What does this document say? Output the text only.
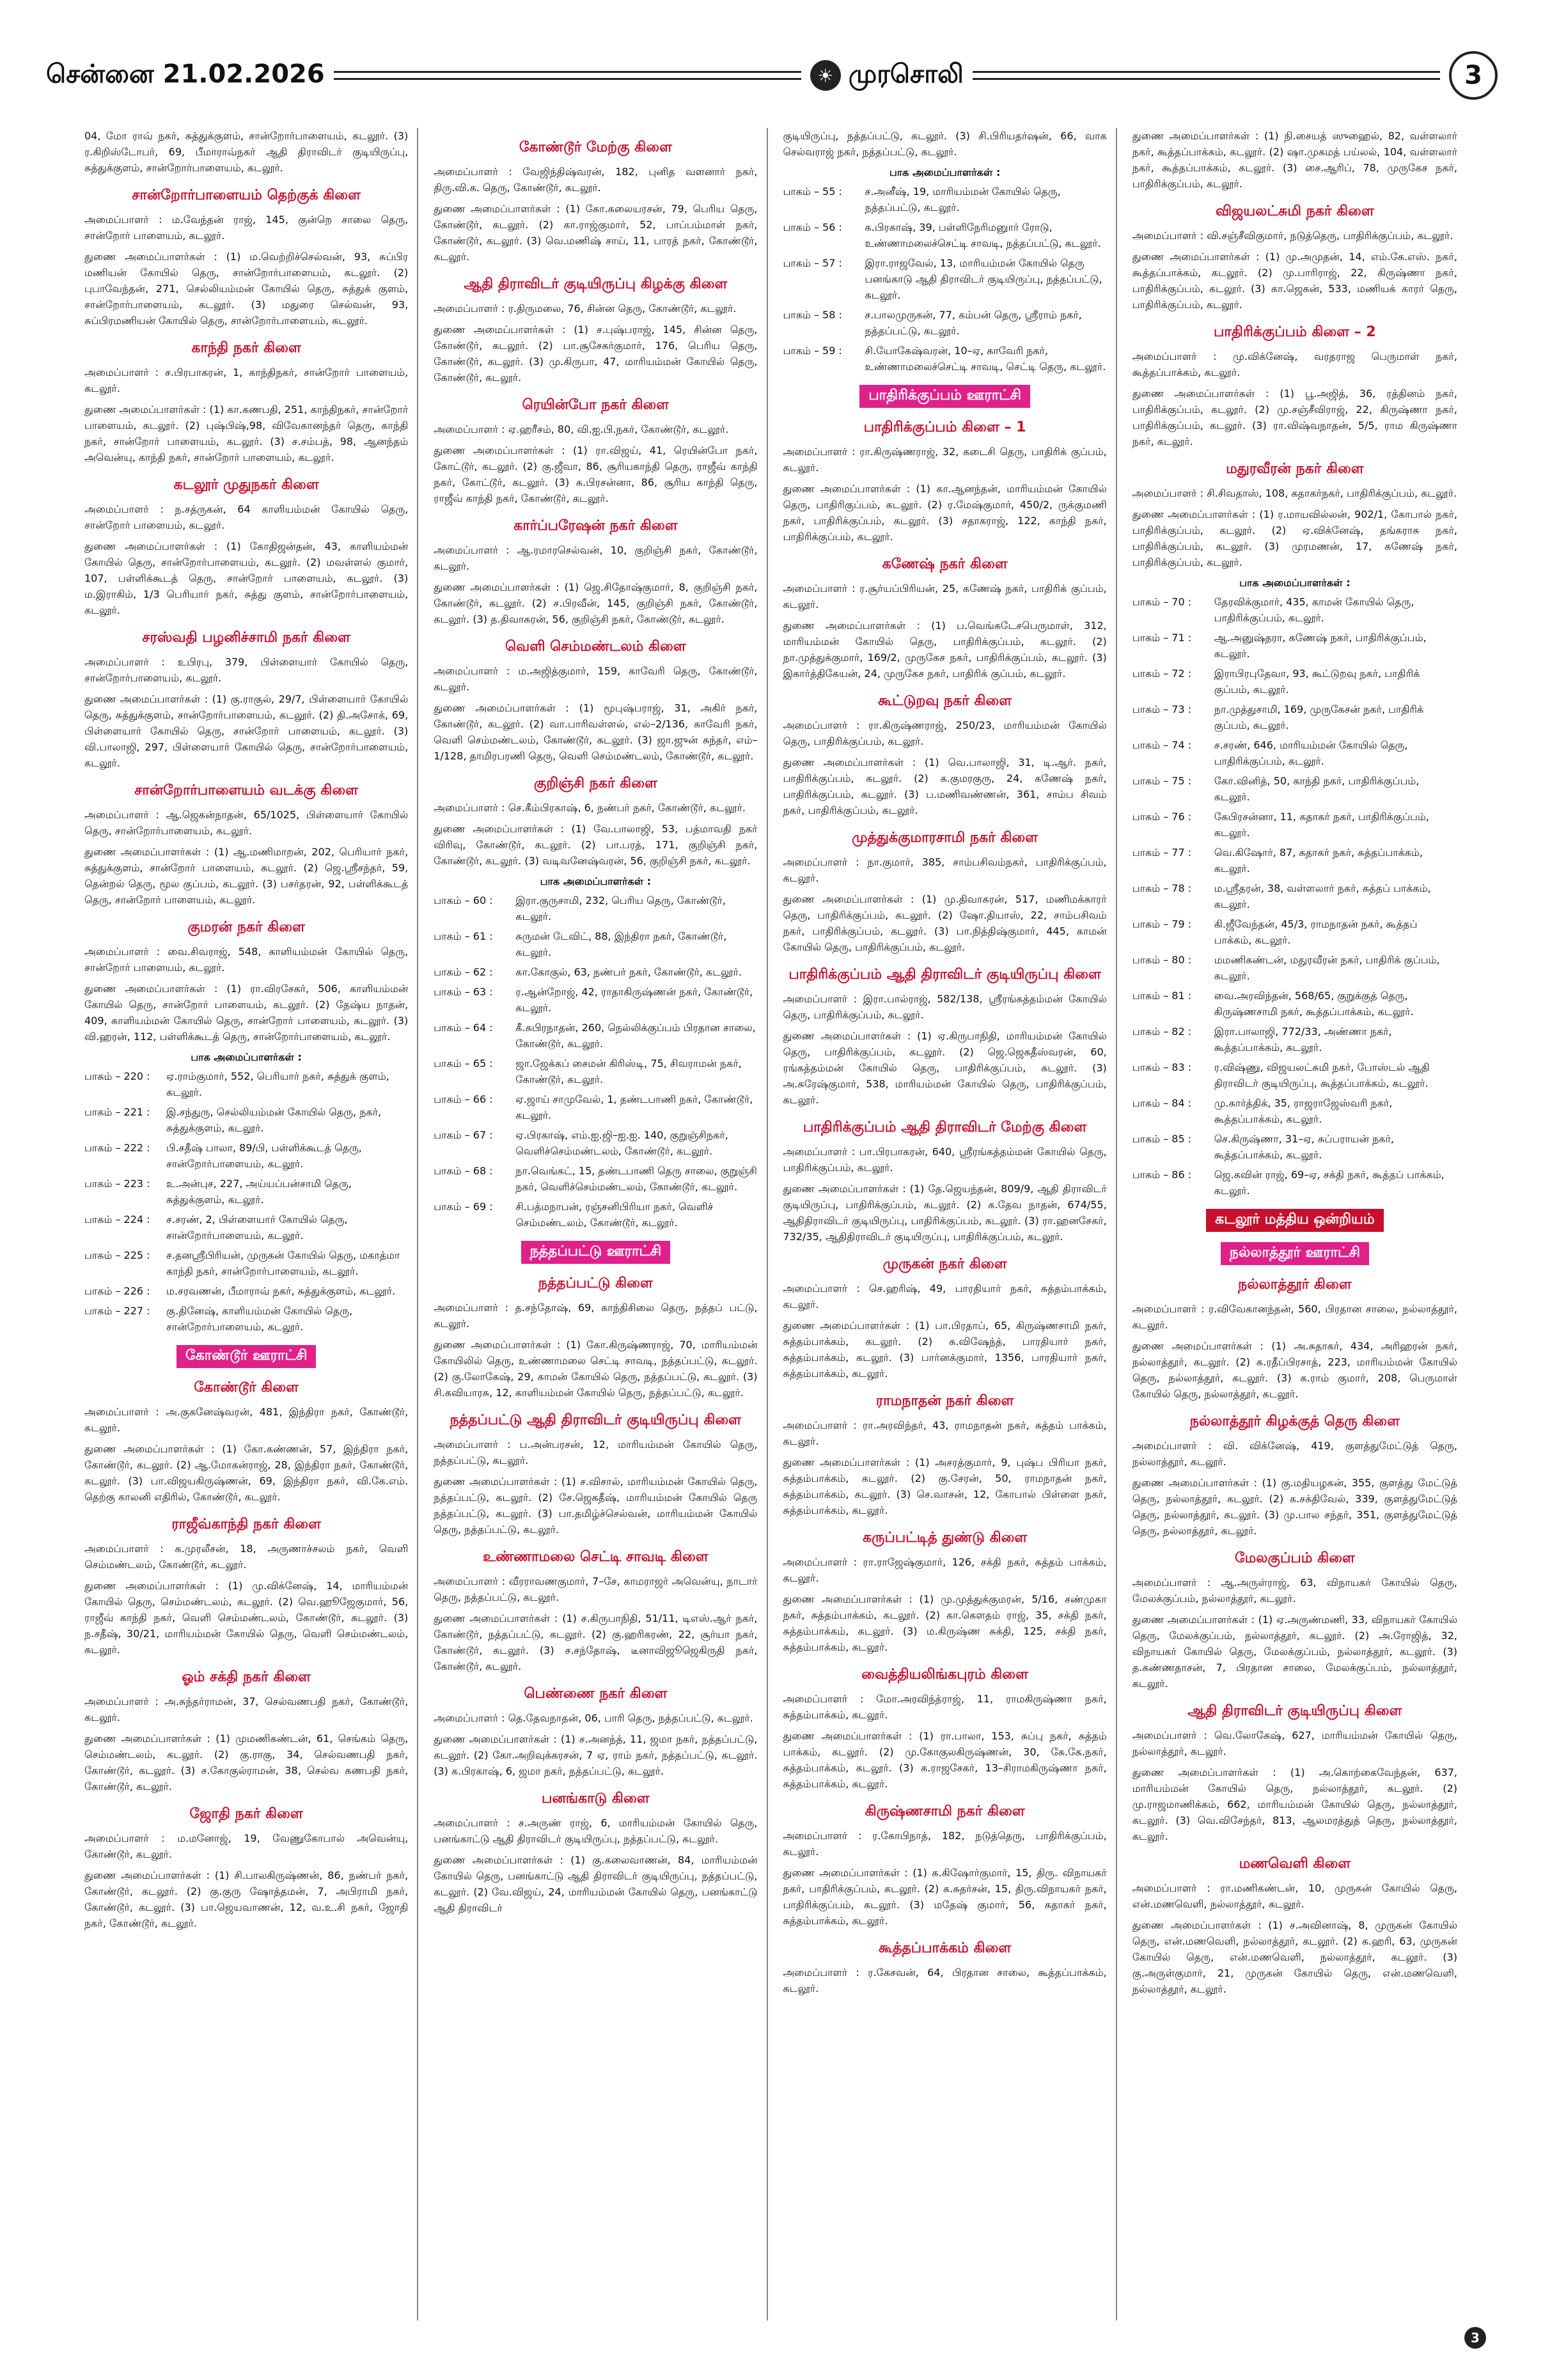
சென்னை 21.02.2026	☀ முரசொலி	3

04, மோ ராவ் நகர், சுத்துக்குளம், சான்றோர்பாளையம், கடலூர். (3) ர.கிறிஸ்டோபர், 69, பீமாராவ்நகர் ஆதி திராவிடர் குடியிருப்பு, சுத்துக்குளம், சான்றோர்பாளையம், கடலூர்.

சான்றோர்பாளையம் தெற்குக் கிளை

அமைப்பாளர் : ம.வேந்தன் ராஜ், 145, குன்றெ சாலை தெரு, சான்றோர் பாளையம், கடலூர்.

துணை அமைப்பாளர்கள் : (1) ம.வெற்றிச்செல்வன், 93, சுப்பிர மணியன் கோயில் தெரு, சான்றோர்பாளையம், கடலூர். (2) புபாவேந்தன், 271, செல்லியம்மன் கோயில் தெரு, சுத்துக் குளம், சான்றோர்பாளையம், கடலூர். (3) மதுரை செல்வன், 93, சுப்பிரமணியன் கோயில் தெரு, சான்றோர்பாளையம், கடலூர்.

காந்தி நகர் கிளை

அமைப்பாளர் : ச.பிரபாகரன், 1, காந்திநகர், சான்றோர் பாளையம், கடலூர்.

துணை அமைப்பாளர்கள் : (1) கா.கணபதி, 251, காந்திநகர், சான்றோர் பாளையம், கடலூர். (2) புஷ்பிஷ்,98, விவேகானந்தர் தெரு, காந்தி நகர், சான்றோர் பாளையம், கடலூர். (3) ச.சம்பத், 98, ஆனந்தம் அவென்யு, காந்தி நகர், சான்றோர் பாளையம், கடலூர்.

கடலூர் முதுநகர் கிளை

அமைப்பாளர் : ந.சத்ருகன், 64 காளியம்மன் கோயில் தெரு, சான்றோர் பாளையம், கடலூர்.

துணை அமைப்பாளர்கள் : (1) கோதிஜன்தன், 43, காளியம்மன் கோயில் தெரு, சான்றோர்பாளையம், கடலூர். (2) மவள்ளல் குமார், 107, பள்ளிக்கூடத் தெரு, சான்றோர் பாளையம், கடலூர். (3) ம.இராகிம், 1/3 பெரியார் நகர், சுத்து குளம், சான்றோர்பாளையம், கடலூர்.

சரஸ்வதி பழனிச்சாமி நகர் கிளை

அமைப்பாளர் : உபிரபு, 379, பிள்ளையார் கோயில் தெரு, சான்றோர்பாளையம், கடலூர்.

துணை அமைப்பாளர்கள் : (1) கு.ராகுல், 29/7, பிள்ளையார் கோயில் தெரு, சுத்துக்குளம், சான்றோர்பாளையம், கடலூர். (2) தி.அசோக், 69, பிள்ளையார் கோயில் தெரு, சான்றோர் பாளையம், கடலூர். (3) வி.பாலாஜி, 297, பிள்ளையார் கோயில் தெரு, சான்றோர்பாளையம், கடலூர்.

சான்றோர்பாளையம் வடக்கு கிளை

அமைப்பாளர் : ஆ.ஜெகன்நாதன், 65/1025, பிள்ளையார் கோயில் தெரு, சான்றோர்பாளையம், கடலூர்.

துணை அமைப்பாளர்கள் : (1) ஆ.மணிமாறன், 202, பெரியார் நகர், சுத்துக்குளம், சான்றோர் பாளையம், கடலூர். (2) ஜெ.ஸ்ரீசந்தர், 59, தென்றல் தெரு, மூல குப்பம், கடலூர். (3) பசர்தரன், 92, பள்ளிக்கூடத் தெரு, சான்றோர் பாளையம், கடலூர்.

குமரன் நகர் கிளை

அமைப்பாளர் : வை.சிவராஜ், 548, காளியம்மன் கோயில் தெரு, சான்றோர் பாளையம், கடலூர்.

துணை அமைப்பாளர்கள் : (1) ரா.விரசேகர், 506, காளியம்மன் கோயில் தெரு, சான்றோர் பாளையம், கடலூர். (2) தேஷ்ய நாதன், 409, காளியம்மன் கோயில் தெரு, சான்றோர் பாளையம், கடலூர். (3) வி.ஹரன், 112, பள்ளிக்கூடத் தெரு, சான்றோர்பாளையம், கடலூர்.

பாக அமைப்பாளர்கள் :
பாகம் – 220 :	ஏ.ராம்குமார், 552, பெரியார் நகர், சுத்துக் குளம், கடலூர்.
பாகம் – 221 :	இ.சந்துரு, செல்லியம்மன் கோயில் தெரு, நகர், சுத்துக்குளம், கடலூர்.
பாகம் – 222 :	பி.சதீஷ் பாலா, 89/பி, பள்ளிக்கூடத் தெரு, சான்றோர்பாளையம், கடலூர்.
பாகம் – 223 :	உ.அன்புச, 227, அய்யப்பன்சாமி தெரு, சுத்துக்குளம், கடலூர்.
பாகம் – 224 :	ச.சரண், 2, பிள்ளையார் கோயில் தெரு, சான்றோர்பாளையம், கடலூர்.
பாகம் – 225 :	ச.தனஸ்ரீபிரியன், முருகன் கோயில் தெரு, மகாத்மா காந்தி நகர், சான்றோர்பாளையம், கடலூர்.
பாகம் – 226 :	ம.சரவணன், பீமாராவ் நகர், சுத்துக்குளம், கடலூர்.
பாகம் – 227 :	கு.தினேஷ், காளியம்மன் கோயில் தெரு, சான்றோர்பாளையம், கடலூர்.
கோண்டூர் ஊராட்சி
கோண்டூர் கிளை

அமைப்பாளர் : அ.குகனேஷ்வரன், 481, இந்திரா நகர், கோண்டூர், கடலூர்.

துணை அமைப்பாளர்கள் : (1) கோ.கண்ணன், 57, இந்திரா நகர், கோண்டூர், கடலூர். (2) ஆ.மோகன்ராஜ், 28, இந்திரா நகர், கோண்டூர், கடலூர். (3) பா.விஜயகிருஷ்ணன், 69, இந்திரா நகர், வி.கே.எம். தெற்கு காலனி எதிரில், கோண்டூர், கடலூர்.

ராஜீவ்காந்தி நகர் கிளை

அமைப்பாளர் : க.முரலீசன், 18, அருணாச்சலம் நகர், வெளி செம்மண்டலம், கோண்டூர், கடலூர்.

துணை அமைப்பாளர்கள் : (1) மு.விக்னேஷ், 14, மாரியம்மன் கோயில் தெரு, செம்மண்டலம், கடலூர். (2) வெ.ஹூஜேகுமார், 56, ராஜீவ் காந்தி நகர், வெளி செம்மண்டலம், கோண்டூர், கடலூர். (3) ந.சதீஷ், 30/21, மாரியம்மன் கோயில் தெரு, வெளி செம்மண்டலம், கடலூர்.

ஓம் சக்தி நகர் கிளை

அமைப்பாளர் : அ.சுந்தர்ராமன், 37, செல்வணபதி நகர், கோண்டூர், கடலூர்.

துணை அமைப்பாளர்கள் : (1) முமணிகண்டன், 61, செங்கம் தெரு, செம்மண்டலம், கடலூர். (2) கு.ராகு, 34, செல்வணபதி நகர், கோண்டூர், கடலூர். (3) ச.கோகுல்ராமன், 38, செல்வ கணபதி நகர், கோண்டூர், கடலூர்.

ஜோதி நகர் கிளை

அமைப்பாளர் : ம.மனோஜ், 19, வேணுகோபால் அவென்யு, கோண்டூர், கடலூர்.

துணை அமைப்பாளர்கள் : (1) சி.பாலகிருஷ்ணன், 86, நண்பர் நகர், கோண்டூர், கடலூர். (2) கு.குரு ஷோத்தமன், 7, அபிராமி நகர், கோண்டூர், கடலூர். (3) பா.ஜெயவாணன், 12, வ.உ.சி நகர், ஜோதி நகர், கோண்டூர், கடலூர்.

கோண்டூர் மேற்கு கிளை

அமைப்பாளர் : வேஜிந்திஷ்வரன், 182, புனித வளனார் நகர், திரு.வி.க. தெரு, கோண்டூர், கடலூர்.

துணை அமைப்பாளர்கள் : (1) கோ.கலையரசன், 79, பெரிய தெரு, கோண்டூர், கடலூர். (2) கா.ராஜ்குமார், 52, பாப்பம்மாள் நகர், கோண்டூர், கடலூர். (3) வெ.மணிஷ் சாய், 11, பாரத் நகர், கோண்டூர், கடலூர்.

ஆதி திராவிடர் குடியிருப்பு கிழக்கு கிளை

அமைப்பாளர் : ர.திருமலை, 76, சின்ன தெரு, கோண்டூர், கடலூர்.

துணை அமைப்பாளர்கள் : (1) ச.புஷ்பராஜ், 145, சின்ன தெரு, கோண்டூர், கடலூர். (2) பா.சூசேகர்குமார், 176, பெரிய தெரு, கோண்டூர், கடலூர். (3) மு.கிருபா, 47, மாரியம்மன் கோயில் தெரு, கோண்டூர், கடலூர்.

ரெயின்போ நகர் கிளை

அமைப்பாளர் : ஏ.ஹரீசம், 80, வி.ஐ.பி.நகர், கோண்டூர், கடலூர்.

துணை அமைப்பாளர்கள் : (1) ரா.விஜய், 41, ரெயின்போ நகர், கோட்டூர், கடலூர். (2) கு.ஜீவா, 86, சூரியகாந்தி தெரு, ராஜீவ் காந்தி நகர், கோட்டூர், கடலூர். (3) சு.பிரசன்னா, 86, சூரிய காந்தி தெரு, ராஜீவ் காந்தி நகர், கோண்டூர், கடலூர்.

கார்ப்பரேஷன் நகர் கிளை

அமைப்பாளர் : ஆ.ரமாரசெல்வன், 10, குறிஞ்சி நகர், கோண்டூர், கடலூர்.

துணை அமைப்பாளர்கள் : (1) ஜெ.சிதோஷ்குமார், 8, குறிஞ்சி நகர், கோண்டூர், கடலூர். (2) ச.பிரவீன், 145, குறிஞ்சி நகர், கோண்டூர், கடலூர். (3) த.திவாகரன், 56, குறிஞ்சி நகர், கோண்டூர், கடலூர்.

வெளி செம்மண்டலம் கிளை

அமைப்பாளர் : ம.அஜித்குமார், 159, காவேரி தெரு, கோண்டூர், கடலூர்.

துணை அமைப்பாளர்கள் : (1) மூபுஷ்பராஜ், 31, அகிர் நகர், கோண்டூர், கடலூர். (2) வா.பாரிவள்ளல், எல்–2/136, காவேரி நகர், வெளி செம்மண்டலம், கோண்டூர், கடலூர். (3) ஜா.ஜுன் சுந்தர், எம்–1/128, தாமிரபரணி தெரு, வெளி செம்மண்டலம், கோண்டூர், கடலூர்.

குறிஞ்சி நகர் கிளை

அமைப்பாளர் : செ.கீம்பிரகாஷ், 6, நண்பர் நகர், கோண்டூர், கடலூர்.

துணை அமைப்பாளர்கள் : (1) வே.பாலாஜி, 53, பத்மாவதி நகர் விரிவு, கோண்டூர், கடலூர். (2) பா.பரத், 171, குறிஞ்சி நகர், கோண்டூர், கடலூர். (3) வடிவனேஷ்வரன், 56, குறிஞ்சி நகர், கடலூர்.

பாக அமைப்பாளர்கள் :
பாகம் – 60 :	இரா.குருசாமி, 232, பெரிய தெரு, கோண்டூர், கடலூர்.
பாகம் – 61 :	சுருமன் டேவிட், 88, இந்திரா நகர், கோண்டூர், கடலூர்.
பாகம் – 62 :	கா.கோகுல், 63, நண்பர் நகர், கோண்டூர், கடலூர்.
பாகம் – 63 :	ர.ஆன்றோஜ், 42, ராதாகிருஷ்ணன் நகர், கோண்டூர், கடலூர்.
பாகம் – 64 :	கீ.சுபிரநாதன், 260, நெல்லிக்குப்பம் பிரதான சாலை, கோண்டூர், கடலூர்.
பாகம் – 65 :	ஜா.ஜேக்கப் சைமன் கிரிஸ்டி, 75, சிவராமன் நகர், கோண்டூர், கடலூர்.
பாகம் – 66 :	ஏ.ஜாய் சாமுவேல், 1, தண்டபாணி நகர், கோண்டூர், கடலூர்.
பாகம் – 67 :	ஏ.பிரகாஷ், எம்.ஐ.ஜி–ஐ.ஐ. 140, குறுஞ்சிநகர், வெளிச்செம்மண்டலம், கோண்டூர், கடலூர்.
பாகம் – 68 :	நா.வெங்கட், 15, தண்டபாணி தெரு சாலை, குறுஞ்சி நகர், வெளிச்செம்மண்டலம், கோண்டூர், கடலூர்.
பாகம் – 69 :	சி.பத்மநாபன், ரஞ்சனிபிரியா நகர், வெளிச் செம்மண்டலம், கோண்டூர், கடலூர்.
நத்தப்பட்டு ஊராட்சி
நத்தப்பட்டு கிளை

அமைப்பாளர் : த.சந்தோஷ், 69, காந்திசிலை தெரு, நத்தப் பட்டு, கடலூர்.

துணை அமைப்பாளர்கள் : (1) கோ.கிருஷ்ணராஜ், 70, மாரியம்மன் கோயிலில் தெரு, உண்ணாமலை செட்டி சாவடி, நத்தப்பட்டு, கடலூர். (2) கு.லோகேஷ், 29, காமன் கோயில் தெரு, நத்தப்பட்டு, கடலூர். (3) சி.கவியாரசு, 12, காளியம்மன் கோயில் தெரு, நத்தப்பட்டு, கடலூர்.

நத்தப்பட்டு ஆதி திராவிடர் குடியிருப்பு கிளை

அமைப்பாளர் : ப.அன்பரசன், 12, மாரியம்மன் கோயில் தெரு, நத்தப்பட்டு, கடலூர்.

துணை அமைப்பாளர்கள் : (1) ச.விசால், மாரியம்மன் கோயில் தெரு, நத்தப்பட்டு, கடலூர். (2) சே.ஜெகதீஷ், மாரியம்மன் கோயில் தெரு நத்தப்பட்டு, கடலூர். (3) பா.தமிழ்ச்செல்வன், மாரியம்மன் கோயில் தெரு, நத்தப்பட்டு, கடலூர்.

உண்ணாமலை செட்டி சாவடி கிளை

அமைப்பாளர் : வீரராவணகுமார், 7–சே, காமராஜர் அவென்யு, நாடார் தெரு, நத்தப்பட்டு, கடலூர்.

துணை அமைப்பாளர்கள் : (1) ச.கிருபாநிதி, 51/11, டிஎஸ்.ஆர் நகர், கோண்டூர், நத்தப்பட்டு, கடலூர். (2) கு.ஹரிகரண், 22, சூர்யா நகர், கோண்டூர், கடலூர். (3) ச.சந்தோஷ், டீனாவிஜூஜெகிருதி நகர், கோண்டூர், கடலூர்.

பெண்ணை நகர் கிளை

அமைப்பாளர் : தெ.தேவநாதன், 06, பாரி தெரு, நத்தப்பட்டு, கடலூர்.

துணை அமைப்பாளர்கள் : (1) ச.அனந்த், 11, ஜமா நகர், நத்தப்பட்டு, கடலூர். (2) கோ.அறிவுக்கரசன், 7 ஏ, ராம் நகர், நத்தப்பட்டு, கடலூர். (3) க.பிரகாஷ், 6, ஜமா நகர், நத்தப்பட்டு, கடலூர்.

பனங்காடு கிளை

அமைப்பாளர் : ச.அருண் ராஜ், 6, மாரியம்மன் கோயில் தெரு, பனங்காட்டு ஆதி திராவிடர் குடியிருப்பு, நத்தப்பட்டு, கடலூர்.

துணை அமைப்பாளர்கள் : (1) கு.கலைவாணன், 84, மாரியம்மன் கோயில் தெரு, பனங்காட்டு ஆதி திராவிடர் குடியிருப்பு, நத்தப்பட்டு, கடலூர். (2) வே.விஜய், 24, மாரியம்மன் கோயில் தெரு, பனங்காட்டு ஆதி திராவிடர்

குடியிருப்பு, நத்தப்பட்டு, கடலூர். (3) சி.பிரியதர்ஷன், 66, வாக செல்வராஜ் நகர், நத்தப்பட்டு, கடலூர்.

பாக அமைப்பாளர்கள் :
பாகம் – 55 :	ச.அனீஷ், 19, மாரியம்மன் கோயில் தெரு, நத்தப்பட்டு, கடலூர்.
பாகம் – 56 :	க.பிரகாஷ், 39, பள்ளிநேரிமனுார் ரோடு, உண்ணாமலைச்செட்டி சாவடி, நத்தப்பட்டு, கடலூர்.
பாகம் – 57 :	இரா.ராஜவேல், 13, மாரியம்மன் கோயில் தெரு பனங்காடு ஆதி திராவிடர் குடியிருப்பு, நத்தப்பட்டு, கடலூர்.
பாகம் – 58 :	ச.பாலமுருகன், 77, கம்பன் தெரு, ஸ்ரீராம் நகர், நத்தப்பட்டு, கடலூர்.
பாகம் – 59 :	சி.யோகேஷ்வரன், 10–ஏ, காவேரி நகர், உண்ணாமலைச்செட்டி சாவடி, செட்டி தெரு, கடலூர்.
பாதிரிக்குப்பம் ஊராட்சி
பாதிரிக்குப்பம் கிளை – 1

அமைப்பாளர் : ரா.கிருஷ்ணராஜ், 32, கடைசி தெரு, பாதிரிக் குப்பம், கடலூர்.

துணை அமைப்பாளர்கள் : (1) கா.ஆனந்தன், மாரியம்மன் கோயில் தெரு, பாதிரிகுப்பம், கடலூர். (2) ர.மேஷ்குமார், 450/2, ருக்குமணி நகர், பாதிரிக்குப்பம், கடலூர். (3) சதாகராஜ், 122, காந்தி நகர், பாதிரிக்குப்பம், கடலூர்.

கணேஷ் நகர் கிளை

அமைப்பாளர் : ர.சூர்யப்பிரியன், 25, கணேஷ் நகர், பாதிரிக் குப்பம், கடலூர்.

துணை அமைப்பாளர்கள் : (1) ப.வெங்கடேசபெருமாள், 312, மாரியம்மன் கோயில் தெரு, பாதிரிக்குப்பம், கடலூர். (2) நா.முத்துக்குமார், 169/2, முருகேச நகர், பாதிரிக்குப்பம், கடலூர். (3) இகார்த்திகேயன், 24, முருகேச நகர், பாதிரிக் குப்பம், கடலூர்.

கூட்டுறவு நகர் கிளை

அமைப்பாளர் : ரா.கிருஷ்ணராஜ், 250/23, மாரியம்மன் கோயில் தெரு, பாதிரிக்குப்பம், கடலூர்.

துணை அமைப்பாளர்கள் : (1) வெ.பாலாஜி, 31, டி.ஆர். நகர், பாதிரிக்குப்பம், கடலூர். (2) க.குமரகுரு, 24, கணேஷ் நகர், பாதிரிக்குப்பம், கடலூர். (3) ப.மணிவண்ணன், 361, சாம்ப சிவம் நகர், பாதிரிக்குப்பம், கடலூர்.

முத்துக்குமாரசாமி நகர் கிளை

அமைப்பாளர் : நா.குமார், 385, சாம்பசிவம்நகர், பாதிரிக்குப்பம், கடலூர்.

துணை அமைப்பாளர்கள் : (1) மு.திவாகரன், 517, மணிமக்காரர் தெரு, பாதிரிக்குப்பம், கடலூர். (2) ஷோ.தியாஸ், 22, சாம்பசிவம் நகர், பாதிரிக்குப்பம், கடலூர். (3) பா.நித்திஷ்குமார், 445, காமன் கோயில் தெரு, பாதிரிக்குப்பம், கடலூர்.

பாதிரிக்குப்பம் ஆதி திராவிடர் குடியிருப்பு கிளை

அமைப்பாளர் : இரா.பால்ராஜ், 582/138, ஸ்ரீரங்கத்தம்மன் கோயில் தெரு, பாதிரிக்குப்பம், கடலூர்.

துணை அமைப்பாளர்கள் : (1) ஏ.கிருபாநிதி, மாரியம்மன் கோயில் தெரு, பாதிரிக்குப்பம், கடலூர். (2) ஜெ.ஜெகதீஸ்வரன், 60, ரங்கத்தம்மன் கோயில் தெரு, பாதிரிக்குப்பம், கடலூர். (3) அ.சுரேஷ்குமார், 538, மாரியம்மன் கோயில் தெரு, பாதிரிக்குப்பம், கடலூர்.

பாதிரிக்குப்பம் ஆதி திராவிடர் மேற்கு கிளை

அமைப்பாளர் : பா.பிரபாகரன், 640, ஸ்ரீரங்கத்தம்மன் கோயில் தெரு, பாதிரிக்குப்பம், கடலூர்.

துணை அமைப்பாளர்கள் : (1) தே.ஜெயந்தன், 809/9, ஆதி திராவிடர் குடியிருப்பு, பாதிரிக்குப்பம், கடலூர். (2) க.தேவ நாதன், 674/55, ஆதிதிராவிடர் குடியிருப்பு, பாதிரிக்குப்பம், கடலூர். (3) ரா.ஹனசேகர், 732/35, ஆதிதிராவிடர் குடியிருப்பு, பாதிரிக்குப்பம், கடலூர்.

முருகன் நகர் கிளை

அமைப்பாளர் : செ.ஹரிஷ், 49, பாரதியார் நகர், சுத்தம்பாக்கம், கடலூர்.

துணை அமைப்பாளர்கள் : (1) பா.பிரதாப், 65, கிருஷ்ணசாமி நகர், சுத்தம்பாக்கம், கடலூர். (2) க.விஷேந்த், பாரதியார் நகர், சுத்தம்பாக்கம், கடலூர். (3) பார்னக்குமார், 1356, பாரதியார் நகர், சுத்தம்பாக்கம், கடலூர்.

ராமநாதன் நகர் கிளை

அமைப்பாளர் : ரா.அரவிந்தர், 43, ராமநாதன் நகர், சுத்தம் பாக்கம், கடலூர்.

துணை அமைப்பாளர்கள் : (1) அசரத்குமார், 9, புஷ்ப பிரியா நகர், சுத்தம்பாக்கம், கடலூர். (2) கு.சேரன், 50, ராமநாதன் நகர், சுத்தம்பாக்கம், கடலூர். (3) செ.வாசன், 12, கோபால் பிள்ளை நகர், சுத்தம்பாக்கம், கடலூர்.

கருப்பட்டித் துண்டு கிளை

அமைப்பாளர் : ரா.ராஜேஷ்குமார், 126, சக்தி நகர், சுத்தம் பாக்கம், கடலூர்.

துணை அமைப்பாளர்கள் : (1) மு.முத்துக்குமரன், 5/16, சண்முகா நகர், சுத்தம்பாக்கம், கடலூர். (2) கா.கௌதம் ராஜ், 35, சக்தி நகர், சுத்தம்பாக்கம், கடலூர். (3) ம.கிருஷ்ண சுக்தி, 125, சக்தி நகர், சுத்தம்பாக்கம், கடலூர்.

வைத்தியலிங்கபுரம் கிளை

அமைப்பாளர் : மோ.அரவிந்த்ராஜ், 11, ராமகிருஷ்ணா நகர், சுத்தம்பாக்கம், கடலூர்.

துணை அமைப்பாளர்கள் : (1) ரா.பாலா, 153, சுப்பு நகர், சுத்தம் பாக்கம், கடலூர். (2) மு.கோகுலகிருஷ்ணன், 30, கே.கே.நகர், சுத்தம்பாக்கம், கடலூர். (3) க.ராஜசேகர், 13–சிராமகிருஷ்ணா நகர், சுத்தம்பாக்கம், கடலூர்.

கிருஷ்ணசாமி நகர் கிளை

அமைப்பாளர் : ர.கோபிநாத், 182, நடுத்தெரு, பாதிரிக்குப்பம், கடலூர்.

துணை அமைப்பாளர்கள் : (1) க.கிஷோர்குமார், 15, திரு. விநாயகர் நகர், பாதிரிக்குப்பம், கடலூர். (2) க.சுதர்சன், 15, திரு.விநாயகர் நகர், பாதிரிக்குப்பம், கடலூர். (3) மதேஷ் குமார், 56, கதாகர் நகர், சுத்தம்பாக்கம், கடலூர்.

கூத்தப்பாக்கம் கிளை

அமைப்பாளர் : ர.கேசவன், 64, பிரதான சாலை, கூத்தப்பாக்கம், கடலூர்.

துணை அமைப்பாளர்கள் : (1) நி.சையத் ஸுஹைல், 82, வள்ளலார் நகர், கூத்தப்பாக்கம், கடலூர். (2) ஷா.முகமத் பய்லல், 104, வள்ளலார் நகர், கூத்தப்பாக்கம், கடலூர். (3) சை.ஆரிப், 78, முருகேச நகர், பாதிரிக்குப்பம், கடலூர்.

விஜயலட்சுமி நகர் கிளை

அமைப்பாளர் : வி.சஞ்சீவிகுமார், நடுத்தெரு, பாதிரிக்குப்பம், கடலூர்.

துணை அமைப்பாளர்கள் : (1) மு.அமுதன், 14, எம்.கே.எஸ். நகர், கூத்தப்பாக்கம், கடலூர். (2) மு.பாரிராஜ், 22, கிருஷ்ணா நகர், பாதிரிக்குப்பம், கடலூர். (3) கா.ஜெகன், 533, மணியக் காரர் தெரு, பாதிரிக்குப்பம், கடலூர்.

பாதிரிக்குப்பம் கிளை – 2

அமைப்பாளர் : மு.விக்னேஷ், வரதராஜ பெருமாள் நகர், கூத்தப்பாக்கம், கடலூர்.

துணை அமைப்பாளர்கள் : (1) பூ.அஜித், 36, ரத்தினம் நகர், பாதிரிக்குப்பம், கடலூர். (2) மு.சஞ்சீவிராஜ், 22, கிருஷ்ணா நகர், பாதிரிக்குப்பம், கடலூர். (3) ரா.விஷ்வநாதன், 5/5, ராம கிருஷ்ணா நகர், கடலூர்.

மதுரவீரன் நகர் கிளை

அமைப்பாளர் : சி.சிவதாஸ், 108, கதாகர்நகர், பாதிரிக்குப்பம், கடலூர்.

துணை அமைப்பாளர்கள் : (1) ர.மாயவில்லன், 902/1, கோபால் நகர், பாதிரிக்குப்பம், கடலூர். (2) ஏ.விக்னேஷ், தங்கராசு நகர், பாதிரிக்குப்பம், கடலூர். (3) முரமணன், 17, கணேஷ் நகர், பாதிரிக்குப்பம், கடலூர்.

பாக அமைப்பாளர்கள் :
பாகம் – 70 :	தேரவிக்குமார், 435, காமன் கோயில் தெரு, பாதிரிக்குப்பம், கடலூர்.
பாகம் – 71 :	ஆ.அனுஷ்தரா, கணேஷ் நகர், பாதிரிக்குப்பம், கடலூர்.
பாகம் – 72 :	இராபிரபுதேவா, 93, கூட்டுறவு நகர், பாதிரிக் குப்பம், கடலூர்.
பாகம் – 73 :	நா.முத்துசாமி, 169, முருகேசன் நகர், பாதிரிக் குப்பம், கடலூர்.
பாகம் – 74 :	ச.சரண், 646, மாரியம்மன் கோயில் தெரு, பாதிரிக்குப்பம், கடலூர்.
பாகம் – 75 :	கோ.வினித், 50, காந்தி நகர், பாதிரிக்குப்பம், கடலூர்.
பாகம் – 76 :	கேபிரசன்னா, 11, கதாகர் நகர், பாதிரிக்குப்பம், கடலூர்.
பாகம் – 77 :	வெ.கிஷோர், 87, கதாகர் நகர், சுத்தப்பாக்கம், கடலூர்.
பாகம் – 78 :	ம.ஸ்ரீதரன், 38, வள்ளலார் நகர், சுத்தப் பாக்கம், கடலூர்.
பாகம் – 79 :	கி.ஜீவேந்தன், 45/3, ராமநாதன் நகர், கூத்தப் பாக்கம், கடலூர்.
பாகம் – 80 :	மமணிகண்டன், மதுரவீரன் நகர், பாதிரிக் குப்பம், கடலூர்.
பாகம் – 81 :	வை.அரவிந்தன், 568/65, குறுக்குத் தெரு, கிருஷ்ணசாமி நகர், கூத்தப்பாக்கம், கடலூர்.
பாகம் – 82 :	இரா.பாலாஜி, 772/33, அண்ணா நகர், கூத்தப்பாக்கம், கடலூர்.
பாகம் – 83 :	ர.விஷ்ணு, விஜயலட்சுமி நகர், போஸ்டல் ஆதி திராவிடர் குடியிருப்பு, கூத்தப்பாக்கம், கடலூர்.
பாகம் – 84 :	மு.கார்த்திக், 35, ராஜராஜேஸ்வரி நகர், கூத்தப்பாக்கம், கடலூர்.
பாகம் – 85 :	செ.கிருஷ்ணா, 31–ஏ, சுப்பராயன் நகர், கூத்தப்பாக்கம், கடலூர்.
பாகம் – 86 :	ஜெ.கவின் ராஜ், 69–ஏ, சக்தி நகர், கூத்தப் பாக்கம், கடலூர்.
கடலூர் மத்திய ஒன்றியம்
நல்லாத்தூர் ஊராட்சி
நல்லாத்தூர் கிளை

அமைப்பாளர் : ர.விவேகானந்தன், 560, பிரதான சாலை, நல்லாத்தூர், கடலூர்.

துணை அமைப்பாளர்கள் : (1) அ.சுதாகர், 434, அரிஹரன் நகர், நல்லாத்தூர், கடலூர். (2) க.ரதீப்பிரசாத், 223, மாரியம்மன் கோயில் தெரு, நல்லாத்தூர், கடலூர். (3) க.ராம் குமார், 208, பெருமாள் கோயில் தெரு, நல்லாத்தூர், கடலூர்.

நல்லாத்தூர் கிழக்குத் தெரு கிளை

அமைப்பாளர் : வி. விக்னேஷ், 419, குளத்துமேட்டுத் தெரு, நல்லாத்தூர், கடலூர்.

துணை அமைப்பாளர்கள் : (1) கு.மதியழகன், 355, குளத்து மேட்டுத் தெரு, நல்லாத்தூர், கடலூர். (2) க.சக்திவேல், 339, குளத்துமேட்டுத் தெரு, நல்லாத்தூர், கடலூர். (3) மு.பால சந்தர், 351, குளத்துமேட்டுத் தெரு, நல்லாத்தூர், கடலூர்.

மேலகுப்பம் கிளை

அமைப்பாளர் : ஆ.அருள்ராஜ், 63, விநாயகர் கோயில் தெரு, மேலக்குப்பம், நல்லாத்தூர், கடலூர்.

துணை அமைப்பாளர்கள் : (1) ஏ.அருண்மணி, 33, விநாயகர் கோயில் தெரு, மேலக்குப்பம், நல்லாத்தூர், கடலூர். (2) அ.ரோஜித், 32, விநாயகர் கோயில் தெரு, மேலக்குப்பம், நல்லாத்தூர், கடலூர். (3) த.கண்ணதாசன், 7, பிரதான சாலை, மேலக்குப்பம், நல்லாத்தூர், கடலூர்.

ஆதி திராவிடர் குடியிருப்பு கிளை

அமைப்பாளர் : வெ.லோகேஷ், 627, மாரியம்மன் கோயில் தெரு, நல்லாத்தூர், கடலூர்.

துணை அமைப்பாளர்கள் : (1) அ.கொற்கைவேந்தன், 637, மாரியம்மன் கோயில் தெரு, நல்லாத்தூர், கடலூர். (2) மு.ராஜமாணிக்கம், 662, மாரியம்மன் கோயில் தெரு, நல்லாத்தூர், கடலூர். (3) வெ.விசேந்தர், 813, ஆலமரத்துத் தெரு, நல்லாத்தூர், கடலூர்.

மணவெளி கிளை

அமைப்பாளர் : ரா.மணிகண்டன், 10, முருகன் கோயில் தெரு, என்.மணவெளி, நல்லாத்தூர், கடலூர்.

துணை அமைப்பாளர்கள் : (1) ச.அவினாஷ், 8, முருகன் கோயில் தெரு, என்.மணவெளி, நல்லாத்தூர், கடலூர். (2) க.ஹரி, 63, முருகன் கோயில் தெரு, என்.மணவெளி, நல்லாத்தூர், கடலூர். (3) கு.அருள்குமார், 21, முருகன் கோயில் தெரு, என்.மணவெளி, நல்லாத்தூர், கடலூர்.

3
